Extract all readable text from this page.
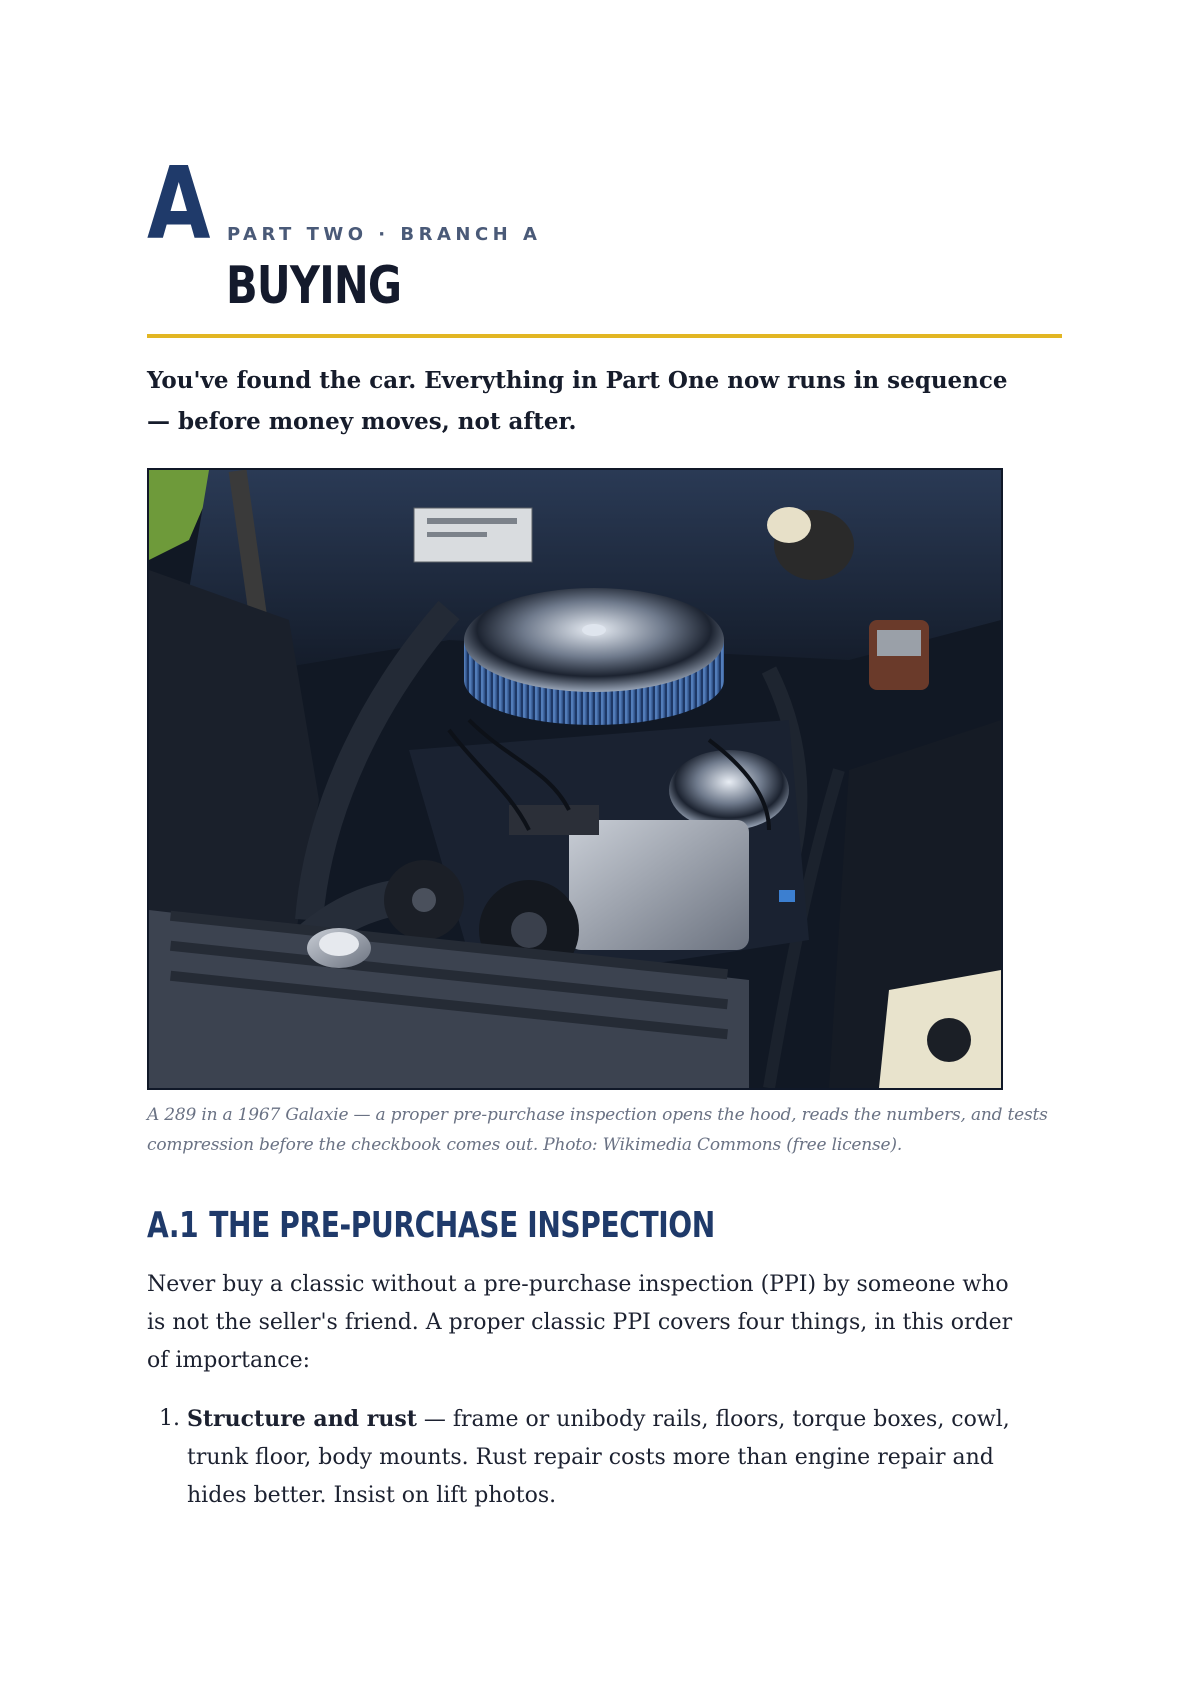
A PART TWO · BRANCH A
BUYING
You've found the car. Everything in Part One now runs in sequence — before money moves, not after.
A 289 in a 1967 Galaxie — a proper pre-purchase inspection opens the hood, reads the numbers, and tests compression before the checkbook comes out. Photo: Wikimedia Commons (free license).
A.1 THE PRE-PURCHASE INSPECTION
Never buy a classic without a pre-purchase inspection (PPI) by someone who is not the seller's friend. A proper classic PPI covers four things, in this order of importance:
1. Structure and rust — frame or unibody rails, floors, torque boxes, cowl, trunk floor, body mounts. Rust repair costs more than engine repair and hides better. Insist on lift photos.
